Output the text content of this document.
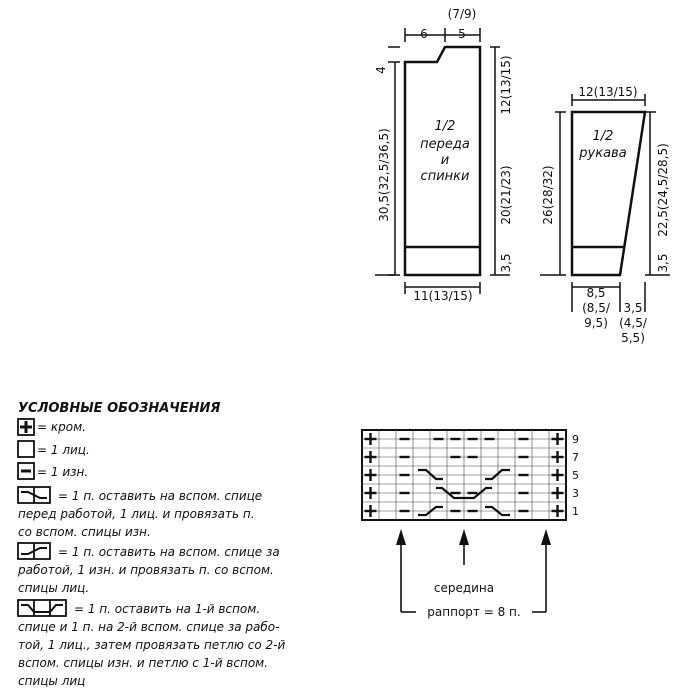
1/2
переда
и
спинки
6
(7/9)
5
4
30,5(32,5/36,5)
12(13/15)
20(21/23)
3,5
11(13/15)
1/2
рукава
12(13/15)
26(28/32)	22,5(24,5/28,5)
3,5
8,5
(8,5/
9,5)
3,5
(4,5/
5,5)
УСЛОВНЫЕ ОБОЗНАЧЕНИЯ
= кром.
= 1 лиц.
= 1 изн.
= 1 п. оставить на вспом. спице
перед работой, 1 лиц. и провязать п.
со вспом. спицы изн.
= 1 п. оставить на вспом. спице за
работой, 1 изн. и провязать п. со вспом.
спицы лиц.
= 1 п. оставить на 1-й вспом.
спице и 1 п. на 2-й вспом. спице за рабо-
той, 1 лиц., затем провязать петлю со 2-й
вспом. спицы изн. и петлю с 1-й вспом.
спицы лиц
9
7
5
3
1
середина
раппорт = 8 п.
